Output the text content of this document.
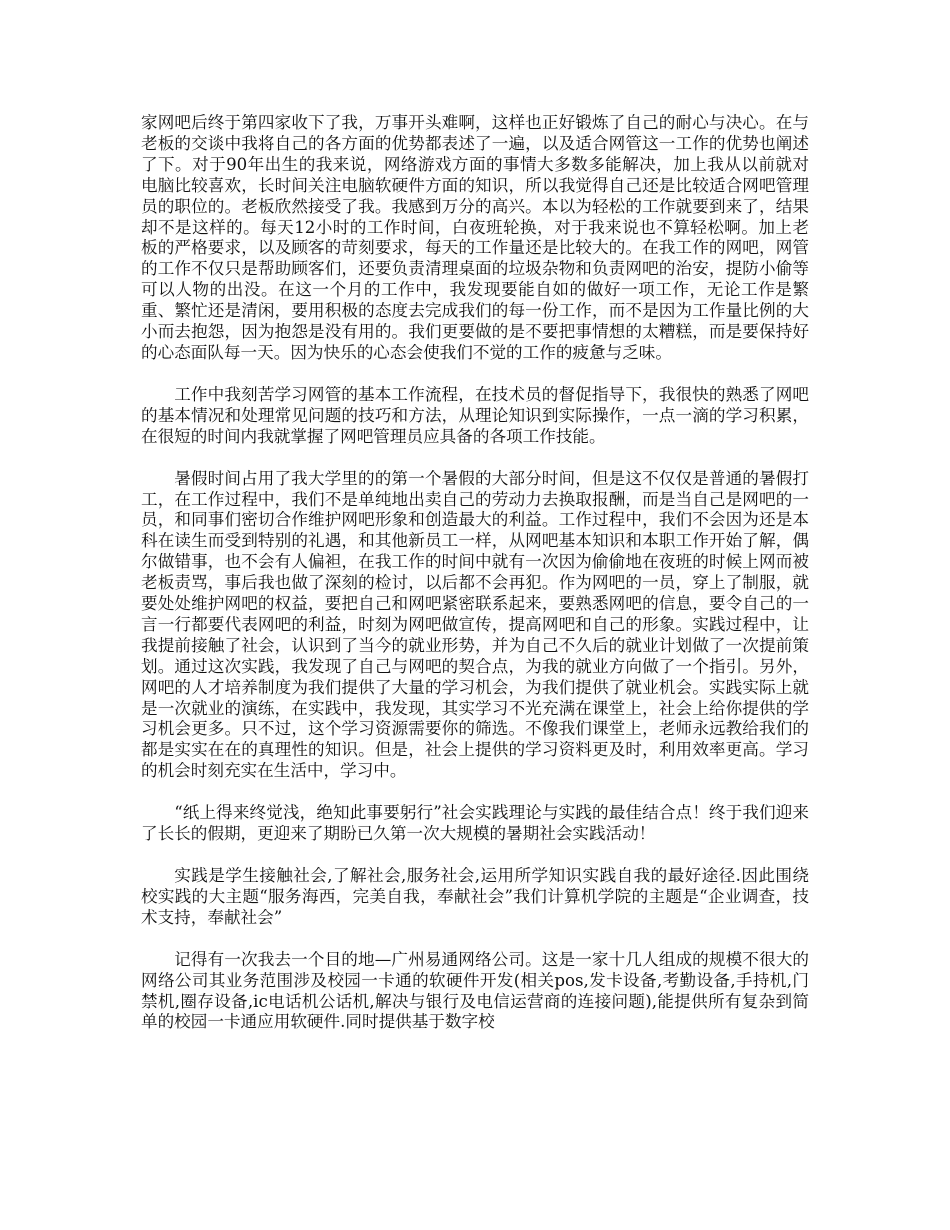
家网吧后终于第四家收下了我，万事开头难啊，这样也正好锻炼了自己的耐心与决心。在与老板的交谈中我将自己的各方面的优势都表述了一遍，以及适合网管这一工作的优势也阐述了下。对于90年出生的我来说，网络游戏方面的事情大多数多能解决，加上我从以前就对电脑比较喜欢，长时间关注电脑软硬件方面的知识，所以我觉得自己还是比较适合网吧管理员的职位的。老板欣然接受了我。我感到万分的高兴。本以为轻松的工作就要到来了，结果却不是这样的。每天12小时的工作时间，白夜班轮换，对于我来说也不算轻松啊。加上老板的严格要求，以及顾客的苛刻要求，每天的工作量还是比较大的。在我工作的网吧，网管的工作不仅只是帮助顾客们，还要负责清理桌面的垃圾杂物和负责网吧的治安，提防小偷等可以人物的出没。在这一个月的工作中，我发现要能自如的做好一项工作，无论工作是繁重、繁忙还是清闲，要用积极的态度去完成我们的每一份工作，而不是因为工作量比例的大小而去抱怨，因为抱怨是没有用的。我们更要做的是不要把事情想的太糟糕，而是要保持好的心态面队每一天。因为快乐的心态会使我们不觉的工作的疲惫与乏味。

工作中我刻苦学习网管的基本工作流程，在技术员的督促指导下，我很快的熟悉了网吧的基本情况和处理常见问题的技巧和方法，从理论知识到实际操作，一点一滴的学习积累，在很短的时间内我就掌握了网吧管理员应具备的各项工作技能。

暑假时间占用了我大学里的的第一个暑假的大部分时间，但是这不仅仅是普通的暑假打工，在工作过程中，我们不是单纯地出卖自己的劳动力去换取报酬，而是当自己是网吧的一员，和同事们密切合作维护网吧形象和创造最大的利益。工作过程中，我们不会因为还是本科在读生而受到特别的礼遇，和其他新员工一样，从网吧基本知识和本职工作开始了解，偶尔做错事，也不会有人偏袒，在我工作的时间中就有一次因为偷偷地在夜班的时候上网而被老板责骂，事后我也做了深刻的检讨，以后都不会再犯。作为网吧的一员，穿上了制服，就要处处维护网吧的权益，要把自己和网吧紧密联系起来，要熟悉网吧的信息，要令自己的一言一行都要代表网吧的利益，时刻为网吧做宣传，提高网吧和自己的形象。实践过程中，让我提前接触了社会，认识到了当今的就业形势，并为自己不久后的就业计划做了一次提前策划。通过这次实践，我发现了自己与网吧的契合点，为我的就业方向做了一个指引。另外，网吧的人才培养制度为我们提供了大量的学习机会，为我们提供了就业机会。实践实际上就是一次就业的演练，在实践中，我发现，其实学习不光充满在课堂上，社会上给你提供的学习机会更多。只不过，这个学习资源需要你的筛选。不像我们课堂上，老师永远教给我们的都是实实在在的真理性的知识。但是，社会上提供的学习资料更及时，利用效率更高。学习的机会时刻充实在生活中，学习中。

“纸上得来终觉浅，绝知此事要躬行”社会实践理论与实践的最佳结合点！终于我们迎来了长长的假期，更迎来了期盼已久第一次大规模的暑期社会实践活动！

实践是学生接触社会,了解社会,服务社会,运用所学知识实践自我的最好途径.因此围绕校实践的大主题“服务海西，完美自我，奉献社会”我们计算机学院的主题是“企业调查，技术支持，奉献社会”

记得有一次我去一个目的地—广州易通网络公司。这是一家十几人组成的规模不很大的网络公司其业务范围涉及校园一卡通的软硬件开发(相关pos,发卡设备,考勤设备,手持机,门禁机,圈存设备,ic电话机公话机,解决与银行及电信运营商的连接问题),能提供所有复杂到简单的校园一卡通应用软硬件.同时提供基于数字校
